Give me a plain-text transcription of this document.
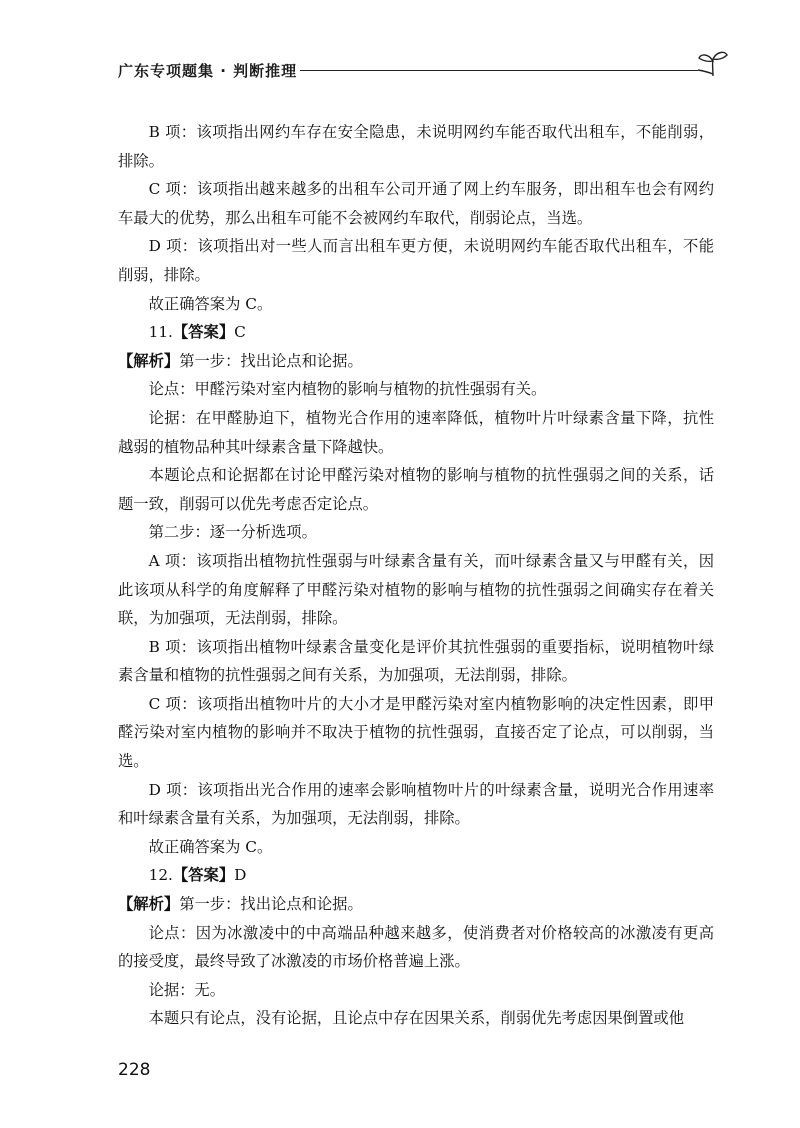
广东专项题集 · 判断推理

B 项：该项指出网约车存在安全隐患，未说明网约车能否取代出租车，不能削弱，排除。

C 项：该项指出越来越多的出租车公司开通了网上约车服务，即出租车也会有网约车最大的优势，那么出租车可能不会被网约车取代，削弱论点，当选。

D 项：该项指出对一些人而言出租车更方便，未说明网约车能否取代出租车，不能削弱，排除。

故正确答案为 C。

11.【答案】C

【解析】第一步：找出论点和论据。

论点：甲醛污染对室内植物的影响与植物的抗性强弱有关。

论据：在甲醛胁迫下，植物光合作用的速率降低，植物叶片叶绿素含量下降，抗性越弱的植物品种其叶绿素含量下降越快。

本题论点和论据都在讨论甲醛污染对植物的影响与植物的抗性强弱之间的关系，话题一致，削弱可以优先考虑否定论点。

第二步：逐一分析选项。

A 项：该项指出植物抗性强弱与叶绿素含量有关，而叶绿素含量又与甲醛有关，因此该项从科学的角度解释了甲醛污染对植物的影响与植物的抗性强弱之间确实存在着关联，为加强项，无法削弱，排除。

B 项：该项指出植物叶绿素含量变化是评价其抗性强弱的重要指标，说明植物叶绿素含量和植物的抗性强弱之间有关系，为加强项，无法削弱，排除。

C 项：该项指出植物叶片的大小才是甲醛污染对室内植物影响的决定性因素，即甲醛污染对室内植物的影响并不取决于植物的抗性强弱，直接否定了论点，可以削弱，当选。

D 项：该项指出光合作用的速率会影响植物叶片的叶绿素含量，说明光合作用速率和叶绿素含量有关系，为加强项，无法削弱，排除。

故正确答案为 C。

12.【答案】D

【解析】第一步：找出论点和论据。

论点：因为冰激凌中的中高端品种越来越多，使消费者对价格较高的冰激凌有更高的接受度，最终导致了冰激凌的市场价格普遍上涨。

论据：无。

本题只有论点，没有论据，且论点中存在因果关系，削弱优先考虑因果倒置或他

228
